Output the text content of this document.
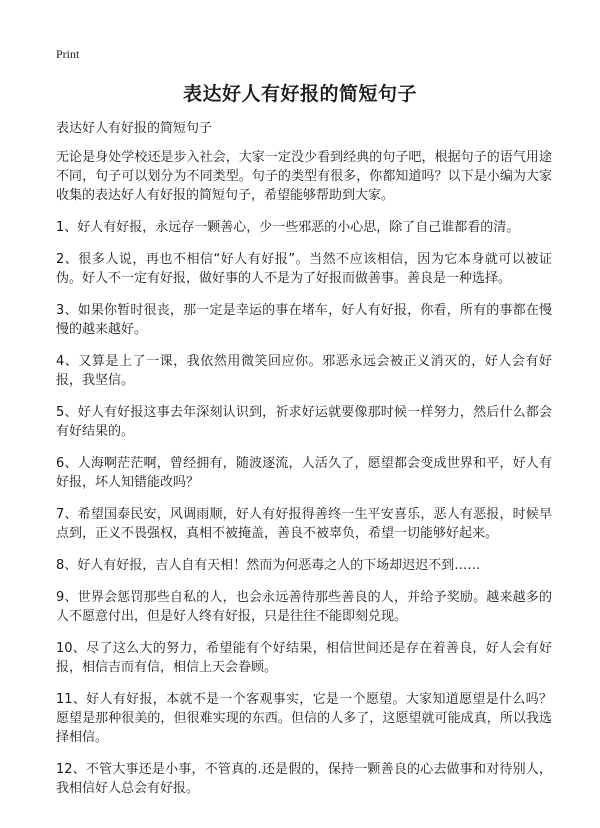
Print
表达好人有好报的简短句子

表达好人有好报的简短句子

无论是身处学校还是步入社会，大家一定没少看到经典的句子吧，根据句子的语气用途不同，句子可以划分为不同类型。句子的类型有很多，你都知道吗？以下是小编为大家收集的表达好人有好报的简短句子，希望能够帮助到大家。

1、好人有好报，永远存一颗善心，少一些邪恶的小心思，除了自己谁都看的清。

2、很多人说，再也不相信“好人有好报”。当然不应该相信，因为它本身就可以被证伪。好人不一定有好报，做好事的人不是为了好报而做善事。善良是一种选择。

3、如果你暂时很丧，那一定是幸运的事在堵车，好人有好报，你看，所有的事都在慢慢的越来越好。

4、又算是上了一课，我依然用微笑回应你。邪恶永远会被正义消灭的，好人会有好报，我坚信。

5、好人有好报这事去年深刻认识到，祈求好运就要像那时候一样努力，然后什么都会有好结果的。

6、人海啊茫茫啊，曾经拥有，随波逐流，人活久了，愿望都会变成世界和平，好人有好报，坏人知错能改吗？

7、希望国泰民安，风调雨顺，好人有好报得善终一生平安喜乐，恶人有恶报，时候早点到，正义不畏强权，真相不被掩盖，善良不被辜负，希望一切能够好起来。

8、好人有好报，吉人自有天相！然而为何恶毒之人的下场却迟迟不到……

9、世界会惩罚那些自私的人，也会永远善待那些善良的人，并给予奖励。越来越多的人不愿意付出，但是好人终有好报，只是往往不能即刻兑现。

10、尽了这么大的努力，希望能有个好结果，相信世间还是存在着善良，好人会有好报，相信吉而有信，相信上天会眷顾。

11、好人有好报，本就不是一个客观事实，它是一个愿望。大家知道愿望是什么吗？愿望是那种很美的，但很难实现的东西。但信的人多了，这愿望就可能成真，所以我选择相信。

12、不管大事还是小事，不管真的.还是假的，保持一颗善良的心去做事和对待别人，我相信好人总会有好报。
